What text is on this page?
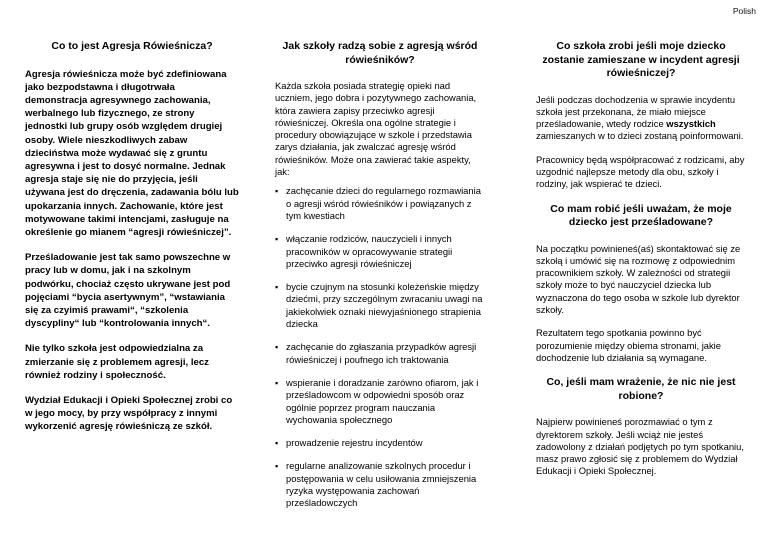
Polish
Co to jest Agresja Rówieśnicza?

Agresja rówieśnicza może być zdefiniowana jako bezpodstawna i długotrwała demonstracja agresywnego zachowania, werbalnego lub fizycznego, ze strony jednostki lub grupy osób względem drugiej osoby. Wiele nieszkodliwych zabaw dzieciństwa może wydawać się z gruntu agresywna i jest to dosyć normalne. Jednak agresja staje się nie do przyjęcia, jeśli używana jest do dręczenia, zadawania bólu lub upokarzania innych. Zachowanie, które jest motywowane takimi intencjami, zasługuje na określenie go mianem “agresji rówieśniczej”.

Prześladowanie jest tak samo powszechne w pracy lub w domu, jak i na szkolnym podwórku, chociaż często ukrywane jest pod pojęciami “bycia asertywnym”, “wstawiania się za czyimiś prawami“, “szkolenia dyscypliny“ lub “kontrolowania innych“.

Nie tylko szkoła jest odpowiedzialna za zmierzanie się z problemem agresji, lecz również rodziny i społeczność.

Wydział Edukacji i Opieki Społecznej zrobi co w jego mocy, by przy współpracy z innymi wykorzenić agresję rówieśniczą ze szkół.

Jak szkoły radzą sobie z agresją wśród rówieśników?

Każda szkoła posiada strategię opieki nad uczniem, jego dobra i pozytywnego zachowania, która zawiera zapisy przeciwko agresji rówieśniczej. Określa ona ogólne strategie i procedury obowiązujące w szkole i przedstawia zarys działania, jak zwalczać agresję wśród rówieśników. Może ona zawierać takie aspekty, jak:

▪ zachęcanie dzieci do regularnego rozmawiania o agresji wśród rówieśników i powiązanych z tym kwestiach
▪ włączanie rodziców, nauczycieli i innych pracowników w opracowywanie strategii przeciwko agresji rówieśniczej
▪ bycie czujnym na stosunki koleżeńskie między dziećmi, przy szczególnym zwracaniu uwagi na jakiekolwiek oznaki niewyjaśnionego strapienia dziecka
▪ zachęcanie do zgłaszania przypadków agresji rówieśniczej i poufnego ich traktowania
▪ wspieranie i doradzanie zarówno ofiarom, jak i prześladowcom w odpowiedni sposób oraz ogólnie poprzez program nauczania wychowania społecznego
▪ prowadzenie rejestru incydentów
▪ regularne analizowanie szkolnych procedur i postępowania w celu usiłowania zmniejszenia ryzyka występowania zachowań prześladowczych
Co szkoła zrobi jeśli moje dziecko zostanie zamieszane w incydent agresji rówieśniczej?

Jeśli podczas dochodzenia w sprawie incydentu szkoła jest przekonana, że miało miejsce prześladowanie, wtedy rodzice wszystkich zamieszanych w to dzieci zostaną poinformowani.

Pracownicy będą współpracować z rodzicami, aby uzgodnić najlepsze metody dla obu, szkoły i rodziny, jak wspierać te dzieci.

Co mam robić jeśli uważam, że moje dziecko jest prześladowane?

Na początku powinieneś(aś) skontaktować się ze szkołą i umówić się na rozmowę z odpowiednim pracownikiem szkoły. W zależności od strategii szkoły może to być nauczyciel dziecka lub wyznaczona do tego osoba w szkole lub dyrektor szkoły.

Rezultatem tego spotkania powinno być porozumienie między obiema stronami, jakie dochodzenie lub działania są wymagane.

Co, jeśli mam wrażenie, że nic nie jest robione?

Najpierw powinieneś porozmawiać o tym z dyrektorem szkoły. Jeśli wciąż nie jesteś zadowolony z działań podjętych po tym spotkaniu, masz prawo zgłosić się z problemem do Wydział Edukacji i Opieki Społecznej.
